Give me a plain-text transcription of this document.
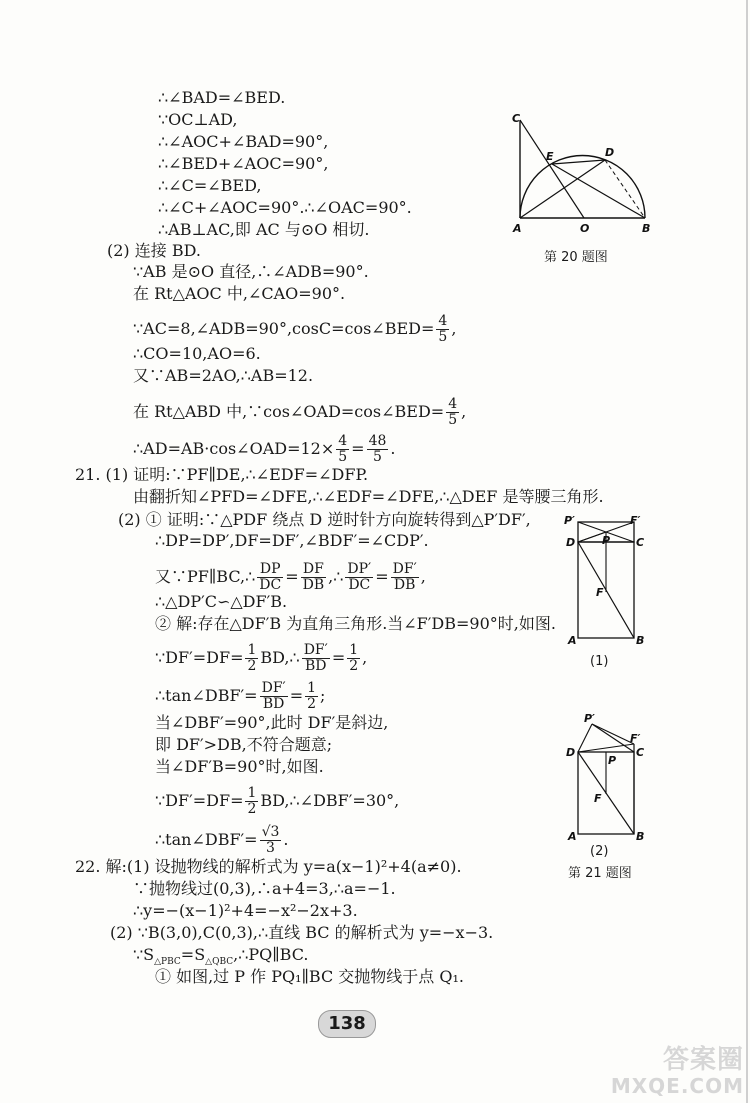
∴∠BAD=∠BED.
∵OC⊥AD,
∴∠AOC+∠BAD=90°,
∴∠BED+∠AOC=90°,
∴∠C=∠BED,
∴∠C+∠AOC=90°.∴∠OAC=90°.
∴AB⊥AC,即 AC 与⊙O 相切.
(2) 连接 BD.
∵AB 是⊙O 直径,∴∠ADB=90°.
在 Rt△AOC 中,∠CAO=90°.
∵AC=8,∠ADB=90°,cosC=cos∠BED= $\frac{4}{5}$ ,
∴CO=10,AO=6.
又∵AB=2AO,∴AB=12.
在 Rt△ABD 中,∵cos∠OAD=cos∠BED= $\frac{4}{5}$ ,
∴AD=AB·cos∠OAD=12× $\frac{4}{5} = \frac{48}{5}$ .
C
E	D
A	O	B
第 20 题图
21. (1) 证明:∵PF∥DE,∴∠EDF=∠DFP.
由翻折知∠PFD=∠DFE,∴∠EDF=∠DFE,∴△DEF 是等腰三角形.
(2) ① 证明:∵△PDF 绕点 D 逆时针方向旋转得到△P′DF′,
∴DP=DP′,DF=DF′,∠BDF′=∠CDP′.
又∵PF∥BC,∴ $\frac{DP}{DC} = \frac{DF}{DB}$ ,∴ $\frac{DP'}{DC} = \frac{DF'}{DB}$ ,
∴△DP′C∽△DF′B.
② 解:存在△DF′B 为直角三角形.当∠F′DB=90°时,如图.
∵DF′=DF= $\frac{1}{2}$ BD,∴ $\frac{DF'}{BD} = \frac{1}{2}$ ,
∴tan∠DBF′= $\frac{DF'}{BD} = \frac{1}{2}$ ;
当∠DBF′=90°,此时 DF′是斜边,
即 DF′>DB,不符合题意;
当∠DF′B=90°时,如图.
∵DF′=DF= $\frac{1}{2}$ BD,∴∠DBF′=30°,
∴tan∠DBF′= $\frac{√3}{3}$ .
P′	F′
D P C
F
A	B
(1)
P′
F′
D	C
P
F
A	B
(2)
第 21 题图
22. 解:(1) 设抛物线的解析式为 y=a(x−1)²+4(a≠0).
∵抛物线过(0,3),∴a+4=3,∴a=−1.
∴y=−(x−1)²+4=−x²−2x+3.
(2) ∵B(3,0),C(0,3),∴直线 BC 的解析式为 y=−x−3.
$\because S_{\triangle PBC}=S_{\triangle QBC},\therefore PQ\parallel BC$.
① 如图,过 P 作 PQ₁∥BC 交抛物线于点 Q₁.
138
答案圈
MXQE.COM
